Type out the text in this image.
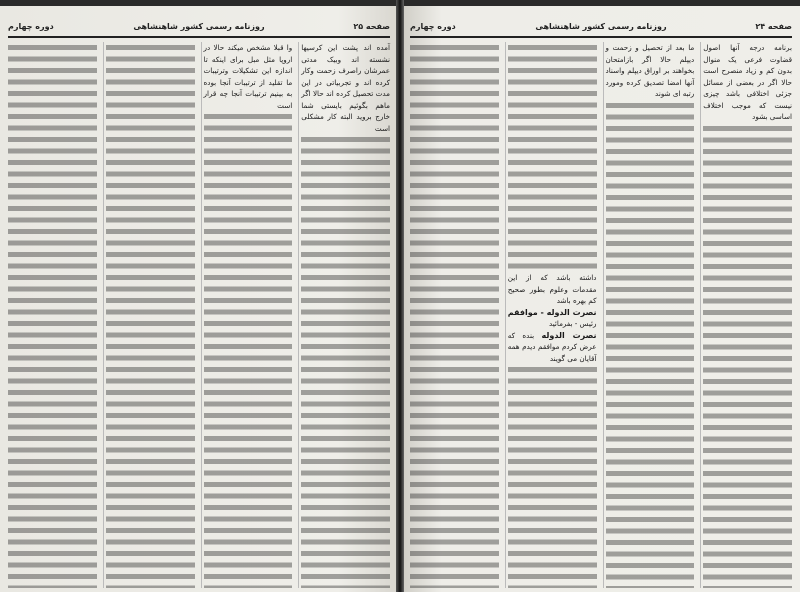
صفحه ۲۵
روزنامه رسمی کشور شاهنشاهی
دوره چهارم

آمده اند پشت این کرسیها نشسته اند وبیک مدتی عمرشان راصرف زحمت وکار کرده اند و تجربیاتی در این مدت تحصیل کرده اند حالا اگر ماهم بگوئیم بایستی شما خارج بروید البته کار مشکلی است

وا قبلا مشخص میکند حالا در اروپا مثل مبل برای اینکه تا اندازه این تشکیلات وترتیبات ما تقلید از ترتیبات آنجا بوده به بینیم ترتیبات آنجا چه قرار است

صفحه ۲۴
روزنامه رسمی کشور شاهنشاهی
دوره چهارم

برنامه درجه آنها اصول قضاوت فرعی یک منوال بدون کم و زیاد منصرح است حالا اگر در بعضی از مسائل جزئی اختلافی باشد چیزی نیست که موجب اختلاف اساسی بشود

ما بعد از تحصیل و زحمت و دیپلم حالا اگر بازامتحان بخواهند بر اوراق دیپلم واسناد آنها امضا تصدیق کرده ومورد رتبه ای شوند

داشته باشد که از این مقدمات وعلوم بطور صحیح کم بهره باشد

نصرت الدوله - موافقم

رئیس - بفرمائید

نصرت الدوله بنده که عرض کردم موافقم دیدم همه آقایان می گویند
